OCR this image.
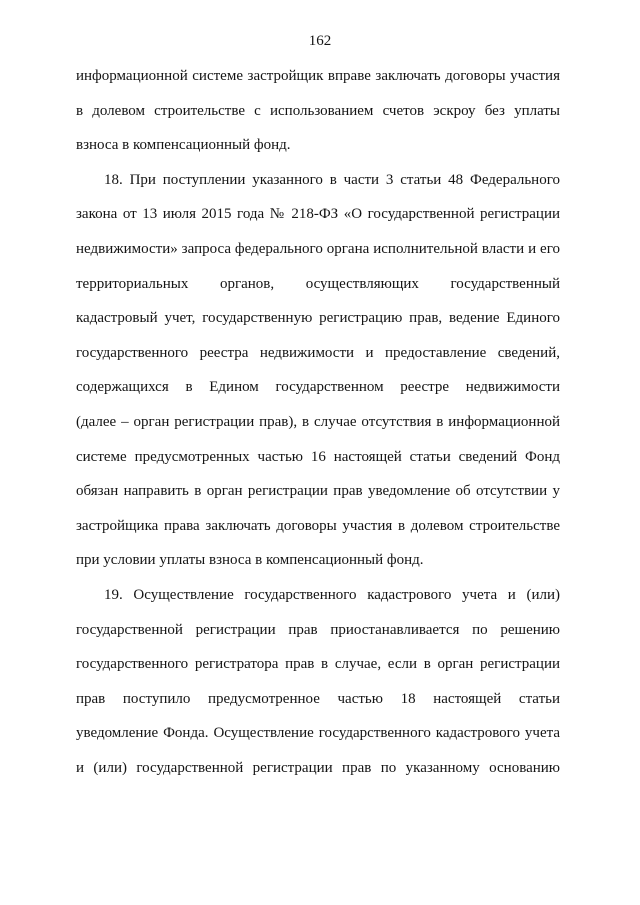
162
информационной системе застройщик вправе заключать договоры участия
в долевом строительстве с использованием счетов эскроу без уплаты
взноса в компенсационный фонд.
18. При поступлении указанного в части 3 статьи 48 Федерального
закона от 13 июля 2015 года № 218-ФЗ «О государственной регистрации
недвижимости» запроса федерального органа исполнительной власти и его
территориальных органов, осуществляющих государственный
кадастровый учет, государственную регистрацию прав, ведение Единого
государственного реестра недвижимости и предоставление сведений,
содержащихся в Едином государственном реестре недвижимости
(далее – орган регистрации прав), в случае отсутствия в информационной
системе предусмотренных частью 16 настоящей статьи сведений Фонд
обязан направить в орган регистрации прав уведомление об отсутствии у
застройщика права заключать договоры участия в долевом строительстве
при условии уплаты взноса в компенсационный фонд.
19. Осуществление государственного кадастрового учета и (или)
государственной регистрации прав приостанавливается по решению
государственного регистратора прав в случае, если в орган регистрации
прав поступило предусмотренное частью 18 настоящей статьи
уведомление Фонда. Осуществление государственного кадастрового учета
и (или) государственной регистрации прав по указанному основанию
